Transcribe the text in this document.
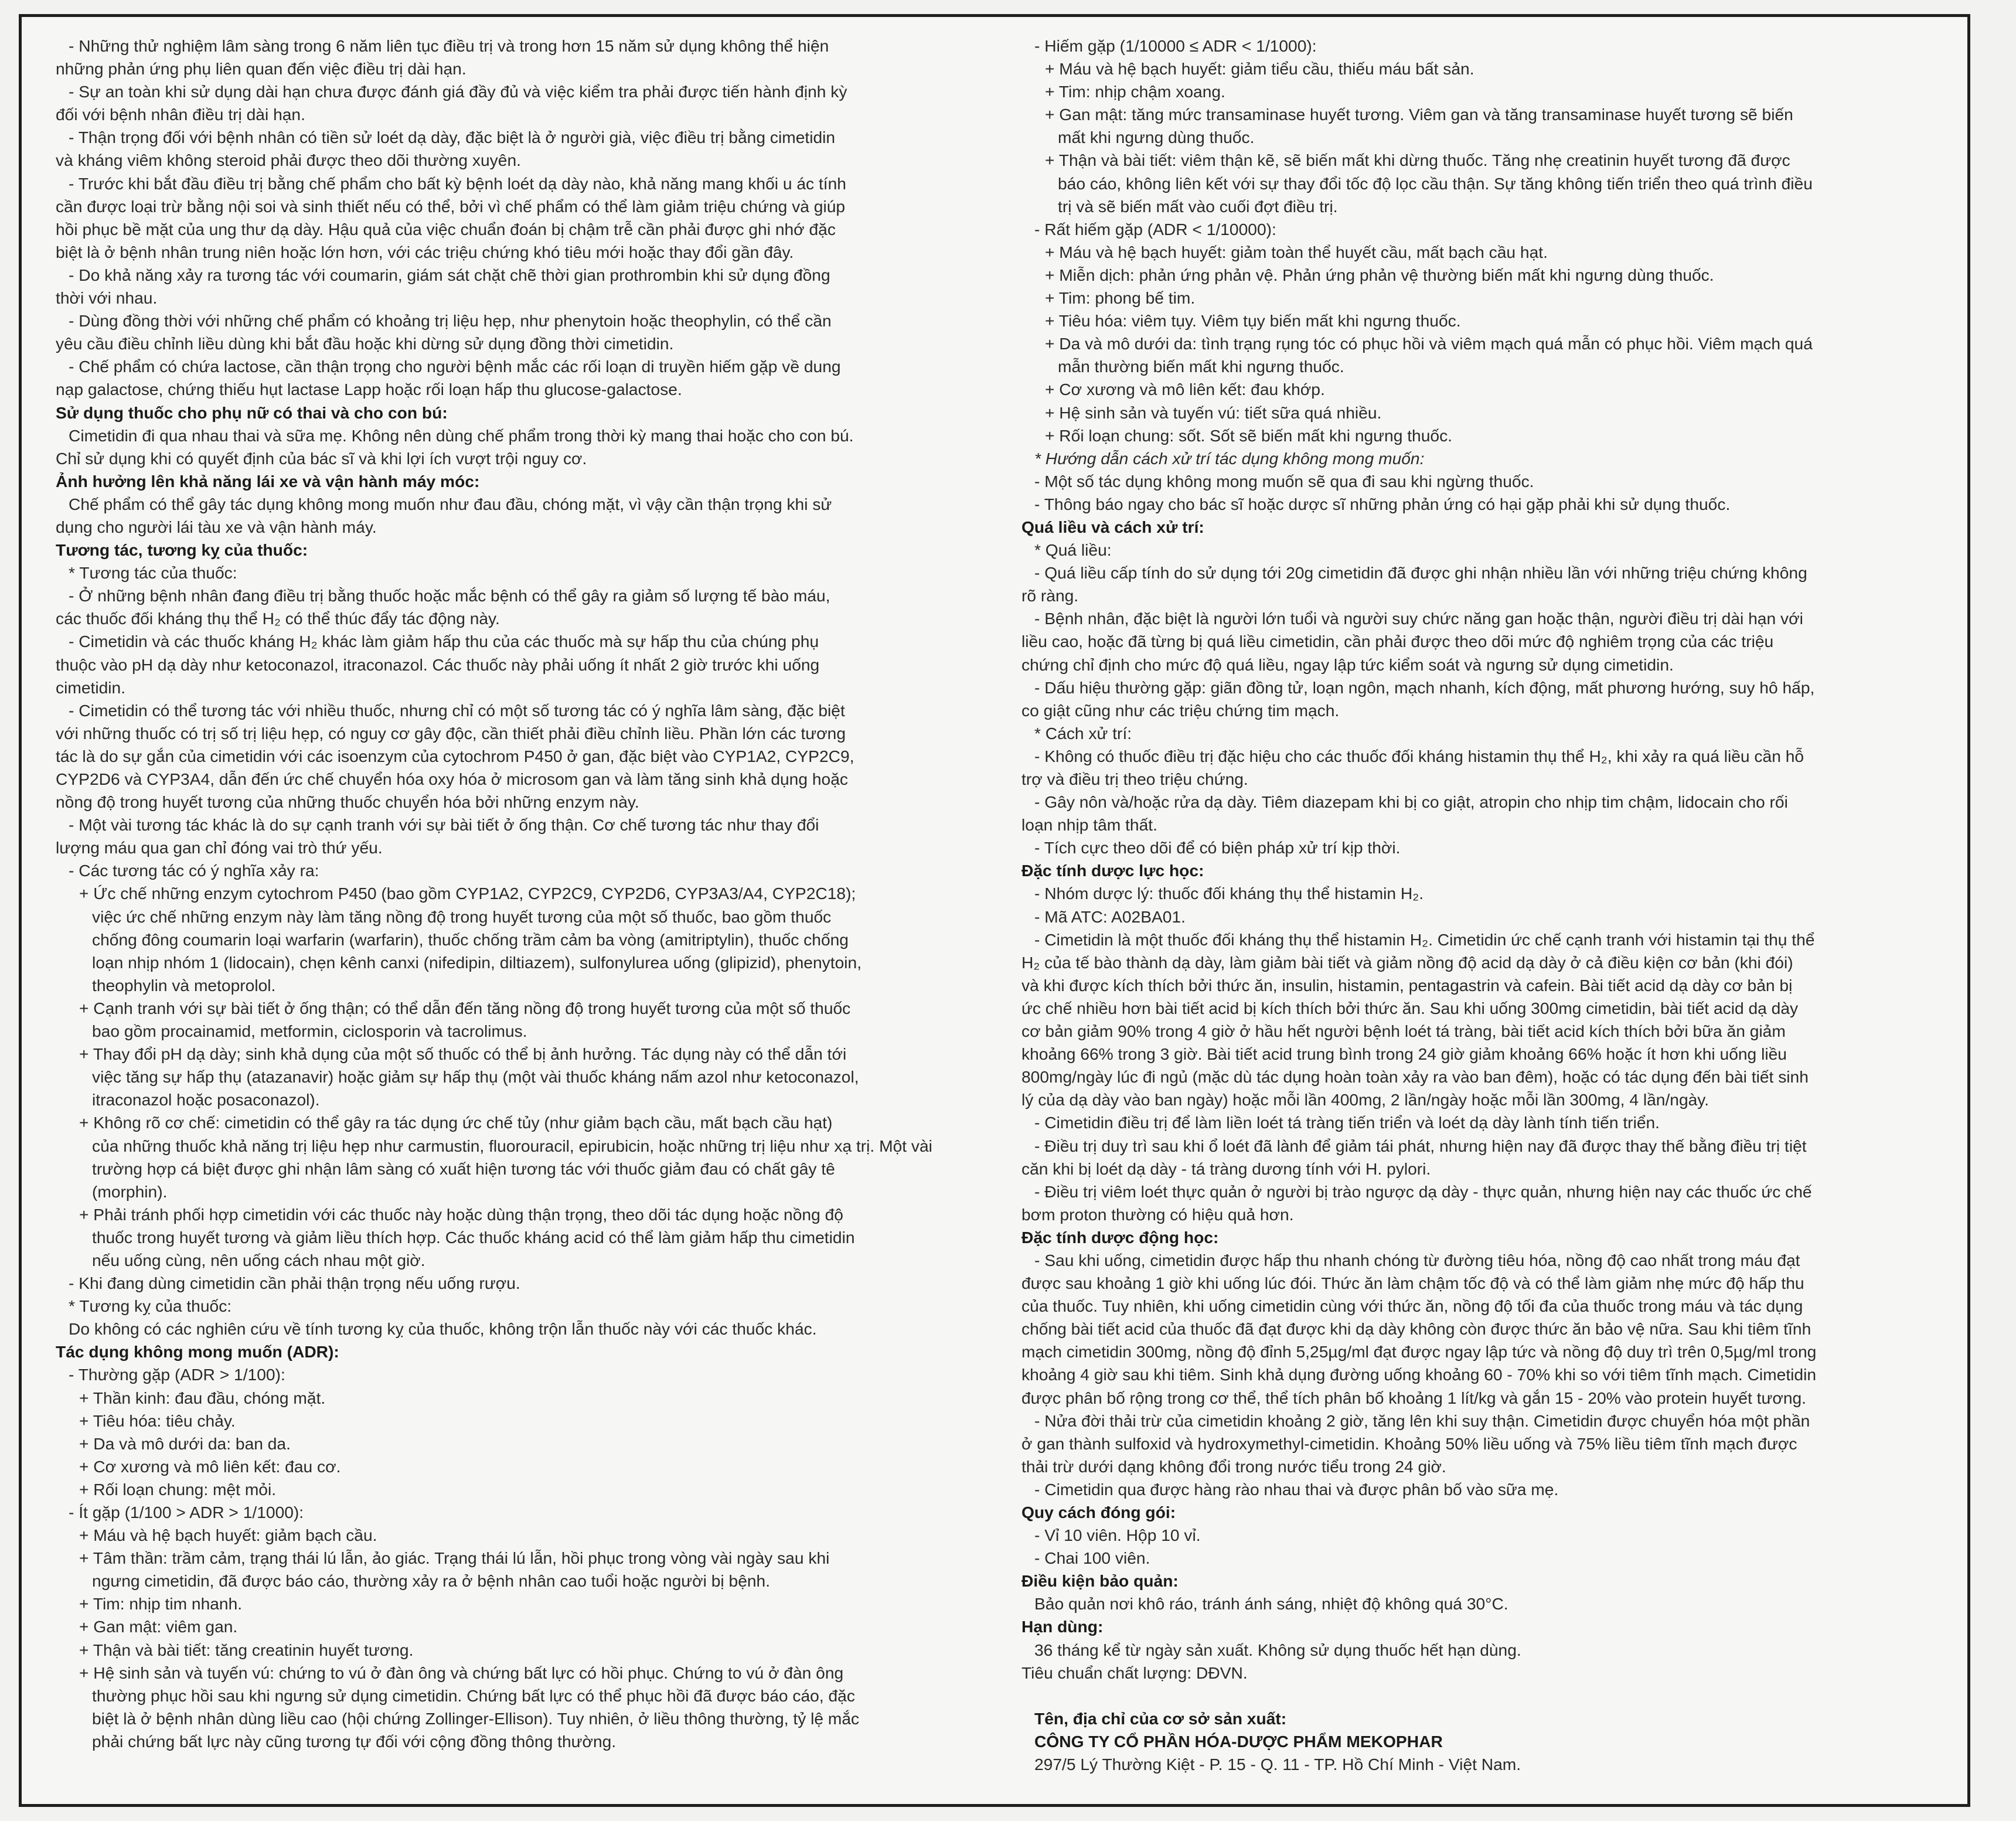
- Những thử nghiệm lâm sàng trong 6 năm liên tục điều trị và trong hơn 15 năm sử dụng không thể hiện
những phản ứng phụ liên quan đến việc điều trị dài hạn.
- Sự an toàn khi sử dụng dài hạn chưa được đánh giá đầy đủ và việc kiểm tra phải được tiến hành định kỳ
đối với bệnh nhân điều trị dài hạn.
- Thận trọng đối với bệnh nhân có tiền sử loét dạ dày, đặc biệt là ở người già, việc điều trị bằng cimetidin
và kháng viêm không steroid phải được theo dõi thường xuyên.
- Trước khi bắt đầu điều trị bằng chế phẩm cho bất kỳ bệnh loét dạ dày nào, khả năng mang khối u ác tính
cần được loại trừ bằng nội soi và sinh thiết nếu có thể, bởi vì chế phẩm có thể làm giảm triệu chứng và giúp
hồi phục bề mặt của ung thư dạ dày. Hậu quả của việc chuẩn đoán bị chậm trễ cần phải được ghi nhớ đặc
biệt là ở bệnh nhân trung niên hoặc lớn hơn, với các triệu chứng khó tiêu mới hoặc thay đổi gần đây.
- Do khả năng xảy ra tương tác với coumarin, giám sát chặt chẽ thời gian prothrombin khi sử dụng đồng
thời với nhau.
- Dùng đồng thời với những chế phẩm có khoảng trị liệu hẹp, như phenytoin hoặc theophylin, có thể cần
yêu cầu điều chỉnh liều dùng khi bắt đầu hoặc khi dừng sử dụng đồng thời cimetidin.
- Chế phẩm có chứa lactose, cần thận trọng cho người bệnh mắc các rối loạn di truyền hiếm gặp về dung
nạp galactose, chứng thiếu hụt lactase Lapp hoặc rối loạn hấp thu glucose-galactose.
Sử dụng thuốc cho phụ nữ có thai và cho con bú:
Cimetidin đi qua nhau thai và sữa mẹ. Không nên dùng chế phẩm trong thời kỳ mang thai hoặc cho con bú.
Chỉ sử dụng khi có quyết định của bác sĩ và khi lợi ích vượt trội nguy cơ.
Ảnh hưởng lên khả năng lái xe và vận hành máy móc:
Chế phẩm có thể gây tác dụng không mong muốn như đau đầu, chóng mặt, vì vậy cần thận trọng khi sử
dụng cho người lái tàu xe và vận hành máy.
Tương tác, tương kỵ của thuốc:
* Tương tác của thuốc:
- Ở những bệnh nhân đang điều trị bằng thuốc hoặc mắc bệnh có thể gây ra giảm số lượng tế bào máu,
các thuốc đối kháng thụ thể H₂ có thể thúc đẩy tác động này.
- Cimetidin và các thuốc kháng H₂ khác làm giảm hấp thu của các thuốc mà sự hấp thu của chúng phụ
thuộc vào pH dạ dày như ketoconazol, itraconazol. Các thuốc này phải uống ít nhất 2 giờ trước khi uống
cimetidin.
- Cimetidin có thể tương tác với nhiều thuốc, nhưng chỉ có một số tương tác có ý nghĩa lâm sàng, đặc biệt
với những thuốc có trị số trị liệu hẹp, có nguy cơ gây độc, cần thiết phải điều chỉnh liều. Phần lớn các tương
tác là do sự gắn của cimetidin với các isoenzym của cytochrom P450 ở gan, đặc biệt vào CYP1A2, CYP2C9,
CYP2D6 và CYP3A4, dẫn đến ức chế chuyển hóa oxy hóa ở microsom gan và làm tăng sinh khả dụng hoặc
nồng độ trong huyết tương của những thuốc chuyển hóa bởi những enzym này.
- Một vài tương tác khác là do sự cạnh tranh với sự bài tiết ở ống thận. Cơ chế tương tác như thay đổi
lượng máu qua gan chỉ đóng vai trò thứ yếu.
- Các tương tác có ý nghĩa xảy ra:
+ Ức chế những enzym cytochrom P450 (bao gồm CYP1A2, CYP2C9, CYP2D6, CYP3A3/A4, CYP2C18);
việc ức chế những enzym này làm tăng nồng độ trong huyết tương của một số thuốc, bao gồm thuốc
chống đông coumarin loại warfarin (warfarin), thuốc chống trầm cảm ba vòng (amitriptylin), thuốc chống
loạn nhịp nhóm 1 (lidocain), chẹn kênh canxi (nifedipin, diltiazem), sulfonylurea uống (glipizid), phenytoin,
theophylin và metoprolol.
+ Cạnh tranh với sự bài tiết ở ống thận; có thể dẫn đến tăng nồng độ trong huyết tương của một số thuốc
bao gồm procainamid, metformin, ciclosporin và tacrolimus.
+ Thay đổi pH dạ dày; sinh khả dụng của một số thuốc có thể bị ảnh hưởng. Tác dụng này có thể dẫn tới
việc tăng sự hấp thụ (atazanavir) hoặc giảm sự hấp thụ (một vài thuốc kháng nấm azol như ketoconazol,
itraconazol hoặc posaconazol).
+ Không rõ cơ chế: cimetidin có thể gây ra tác dụng ức chế tủy (như giảm bạch cầu, mất bạch cầu hạt)
của những thuốc khả năng trị liệu hẹp như carmustin, fluorouracil, epirubicin, hoặc những trị liệu như xạ trị. Một vài
trường hợp cá biệt được ghi nhận lâm sàng có xuất hiện tương tác với thuốc giảm đau có chất gây tê
(morphin).
+ Phải tránh phối hợp cimetidin với các thuốc này hoặc dùng thận trọng, theo dõi tác dụng hoặc nồng độ
thuốc trong huyết tương và giảm liều thích hợp. Các thuốc kháng acid có thể làm giảm hấp thu cimetidin
nếu uống cùng, nên uống cách nhau một giờ.
- Khi đang dùng cimetidin cần phải thận trọng nếu uống rượu.
* Tương kỵ của thuốc:
Do không có các nghiên cứu về tính tương kỵ của thuốc, không trộn lẫn thuốc này với các thuốc khác.
Tác dụng không mong muốn (ADR):
- Thường gặp (ADR > 1/100):
+ Thần kinh: đau đầu, chóng mặt.
+ Tiêu hóa: tiêu chảy.
+ Da và mô dưới da: ban da.
+ Cơ xương và mô liên kết: đau cơ.
+ Rối loạn chung: mệt mỏi.
- Ít gặp (1/100 > ADR > 1/1000):
+ Máu và hệ bạch huyết: giảm bạch cầu.
+ Tâm thần: trầm cảm, trạng thái lú lẫn, ảo giác. Trạng thái lú lẫn, hồi phục trong vòng vài ngày sau khi
ngưng cimetidin, đã được báo cáo, thường xảy ra ở bệnh nhân cao tuổi hoặc người bị bệnh.
+ Tim: nhịp tim nhanh.
+ Gan mật: viêm gan.
+ Thận và bài tiết: tăng creatinin huyết tương.
+ Hệ sinh sản và tuyến vú: chứng to vú ở đàn ông và chứng bất lực có hồi phục. Chứng to vú ở đàn ông
thường phục hồi sau khi ngưng sử dụng cimetidin. Chứng bất lực có thể phục hồi đã được báo cáo, đặc
biệt là ở bệnh nhân dùng liều cao (hội chứng Zollinger-Ellison). Tuy nhiên, ở liều thông thường, tỷ lệ mắc
phải chứng bất lực này cũng tương tự đối với cộng đồng thông thường.
- Hiếm gặp (1/10000 ≤ ADR < 1/1000):
+ Máu và hệ bạch huyết: giảm tiểu cầu, thiếu máu bất sản.
+ Tim: nhịp chậm xoang.
+ Gan mật: tăng mức transaminase huyết tương. Viêm gan và tăng transaminase huyết tương sẽ biến
mất khi ngưng dùng thuốc.
+ Thận và bài tiết: viêm thận kẽ, sẽ biến mất khi dừng thuốc. Tăng nhẹ creatinin huyết tương đã được
báo cáo, không liên kết với sự thay đổi tốc độ lọc cầu thận. Sự tăng không tiến triển theo quá trình điều
trị và sẽ biến mất vào cuối đợt điều trị.
- Rất hiếm gặp (ADR < 1/10000):
+ Máu và hệ bạch huyết: giảm toàn thể huyết cầu, mất bạch cầu hạt.
+ Miễn dịch: phản ứng phản vệ. Phản ứng phản vệ thường biến mất khi ngưng dùng thuốc.
+ Tim: phong bế tim.
+ Tiêu hóa: viêm tụy. Viêm tụy biến mất khi ngưng thuốc.
+ Da và mô dưới da: tình trạng rụng tóc có phục hồi và viêm mạch quá mẫn có phục hồi. Viêm mạch quá
mẫn thường biến mất khi ngưng thuốc.
+ Cơ xương và mô liên kết: đau khớp.
+ Hệ sinh sản và tuyến vú: tiết sữa quá nhiều.
+ Rối loạn chung: sốt. Sốt sẽ biến mất khi ngưng thuốc.
* Hướng dẫn cách xử trí tác dụng không mong muốn:
- Một số tác dụng không mong muốn sẽ qua đi sau khi ngừng thuốc.
- Thông báo ngay cho bác sĩ hoặc dược sĩ những phản ứng có hại gặp phải khi sử dụng thuốc.
Quá liều và cách xử trí:
* Quá liều:
- Quá liều cấp tính do sử dụng tới 20g cimetidin đã được ghi nhận nhiều lần với những triệu chứng không
rõ ràng.
- Bệnh nhân, đặc biệt là người lớn tuổi và người suy chức năng gan hoặc thận, người điều trị dài hạn với
liều cao, hoặc đã từng bị quá liều cimetidin, cần phải được theo dõi mức độ nghiêm trọng của các triệu
chứng chỉ định cho mức độ quá liều, ngay lập tức kiểm soát và ngưng sử dụng cimetidin.
- Dấu hiệu thường gặp: giãn đồng tử, loạn ngôn, mạch nhanh, kích động, mất phương hướng, suy hô hấp,
co giật cũng như các triệu chứng tim mạch.
* Cách xử trí:
- Không có thuốc điều trị đặc hiệu cho các thuốc đối kháng histamin thụ thể H₂, khi xảy ra quá liều cần hỗ
trợ và điều trị theo triệu chứng.
- Gây nôn và/hoặc rửa dạ dày. Tiêm diazepam khi bị co giật, atropin cho nhịp tim chậm, lidocain cho rối
loạn nhịp tâm thất.
- Tích cực theo dõi để có biện pháp xử trí kịp thời.
Đặc tính dược lực học:
- Nhóm dược lý: thuốc đối kháng thụ thể histamin H₂.
- Mã ATC: A02BA01.
- Cimetidin là một thuốc đối kháng thụ thể histamin H₂. Cimetidin ức chế cạnh tranh với histamin tại thụ thể
H₂ của tế bào thành dạ dày, làm giảm bài tiết và giảm nồng độ acid dạ dày ở cả điều kiện cơ bản (khi đói)
và khi được kích thích bởi thức ăn, insulin, histamin, pentagastrin và cafein. Bài tiết acid dạ dày cơ bản bị
ức chế nhiều hơn bài tiết acid bị kích thích bởi thức ăn. Sau khi uống 300mg cimetidin, bài tiết acid dạ dày
cơ bản giảm 90% trong 4 giờ ở hầu hết người bệnh loét tá tràng, bài tiết acid kích thích bởi bữa ăn giảm
khoảng 66% trong 3 giờ. Bài tiết acid trung bình trong 24 giờ giảm khoảng 66% hoặc ít hơn khi uống liều
800mg/ngày lúc đi ngủ (mặc dù tác dụng hoàn toàn xảy ra vào ban đêm), hoặc có tác dụng đến bài tiết sinh
lý của dạ dày vào ban ngày) hoặc mỗi lần 400mg, 2 lần/ngày hoặc mỗi lần 300mg, 4 lần/ngày.
- Cimetidin điều trị để làm liền loét tá tràng tiến triển và loét dạ dày lành tính tiến triển.
- Điều trị duy trì sau khi ổ loét đã lành để giảm tái phát, nhưng hiện nay đã được thay thế bằng điều trị tiệt
căn khi bị loét dạ dày - tá tràng dương tính với H. pylori.
- Điều trị viêm loét thực quản ở người bị trào ngược dạ dày - thực quản, nhưng hiện nay các thuốc ức chế
bơm proton thường có hiệu quả hơn.
Đặc tính dược động học:
- Sau khi uống, cimetidin được hấp thu nhanh chóng từ đường tiêu hóa, nồng độ cao nhất trong máu đạt
được sau khoảng 1 giờ khi uống lúc đói. Thức ăn làm chậm tốc độ và có thể làm giảm nhẹ mức độ hấp thu
của thuốc. Tuy nhiên, khi uống cimetidin cùng với thức ăn, nồng độ tối đa của thuốc trong máu và tác dụng
chống bài tiết acid của thuốc đã đạt được khi dạ dày không còn được thức ăn bảo vệ nữa. Sau khi tiêm tĩnh
mạch cimetidin 300mg, nồng độ đỉnh 5,25µg/ml đạt được ngay lập tức và nồng độ duy trì trên 0,5µg/ml trong
khoảng 4 giờ sau khi tiêm. Sinh khả dụng đường uống khoảng 60 - 70% khi so với tiêm tĩnh mạch. Cimetidin
được phân bố rộng trong cơ thể, thể tích phân bố khoảng 1 lít/kg và gắn 15 - 20% vào protein huyết tương.
- Nửa đời thải trừ của cimetidin khoảng 2 giờ, tăng lên khi suy thận. Cimetidin được chuyển hóa một phần
ở gan thành sulfoxid và hydroxymethyl-cimetidin. Khoảng 50% liều uống và 75% liều tiêm tĩnh mạch được
thải trừ dưới dạng không đổi trong nước tiểu trong 24 giờ.
- Cimetidin qua được hàng rào nhau thai và được phân bố vào sữa mẹ.
Quy cách đóng gói:
- Vỉ 10 viên. Hộp 10 vỉ.
- Chai 100 viên.
Điều kiện bảo quản:
Bảo quản nơi khô ráo, tránh ánh sáng, nhiệt độ không quá 30°C.
Hạn dùng:
36 tháng kể từ ngày sản xuất. Không sử dụng thuốc hết hạn dùng.
Tiêu chuẩn chất lượng: DĐVN.
Tên, địa chỉ của cơ sở sản xuất:
CÔNG TY CỔ PHẦN HÓA-DƯỢC PHẨM MEKOPHAR
297/5 Lý Thường Kiệt - P. 15 - Q. 11 - TP. Hồ Chí Minh - Việt Nam.
